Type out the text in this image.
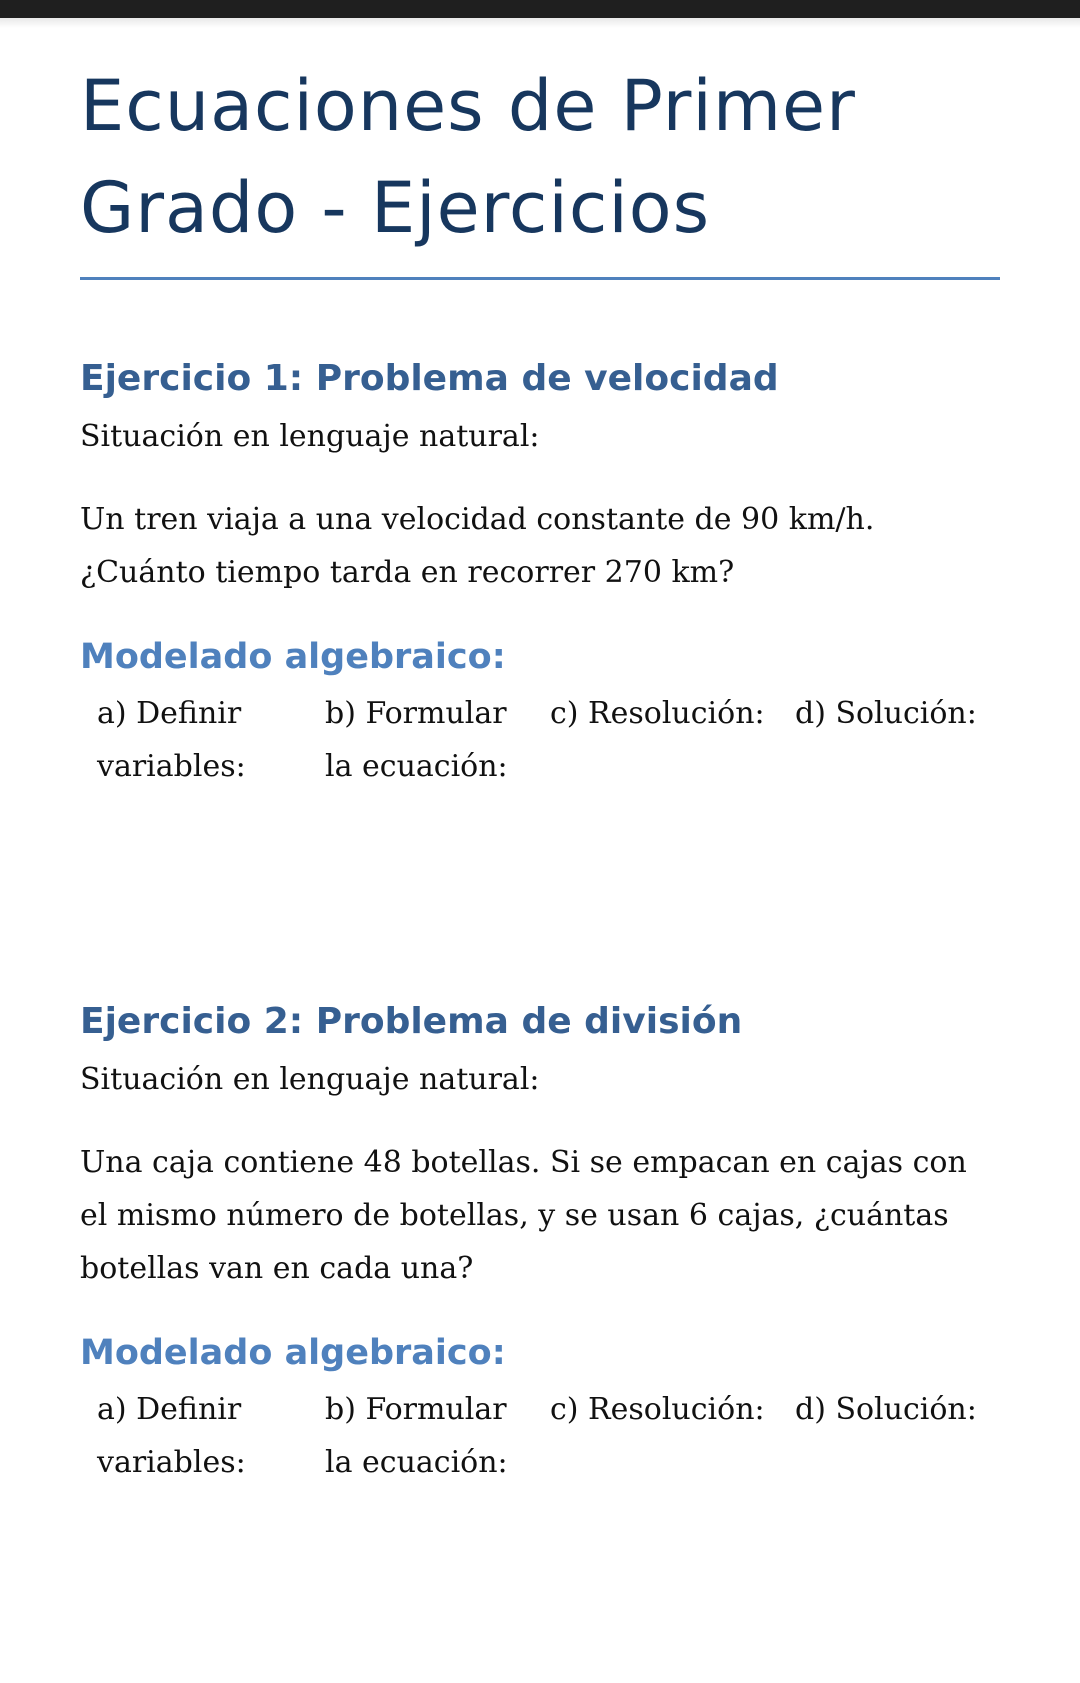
Ecuaciones de Primer
Grado - Ejercicios
Ejercicio 1: Problema de velocidad

Situación en lenguaje natural:

Un tren viaja a una velocidad constante de 90 km/h. ¿Cuánto tiempo tarda en recorrer 270 km?

Modelado algebraico:
a) Definir variables:
b) Formular la ecuación:
c) Resolución:	d) Solución:
Ejercicio 2: Problema de división

Situación en lenguaje natural:

Una caja contiene 48 botellas. Si se empacan en cajas con el mismo número de botellas, y se usan 6 cajas, ¿cuántas botellas van en cada una?

Modelado algebraico:
a) Definir variables:
b) Formular la ecuación:
c) Resolución:	d) Solución:
